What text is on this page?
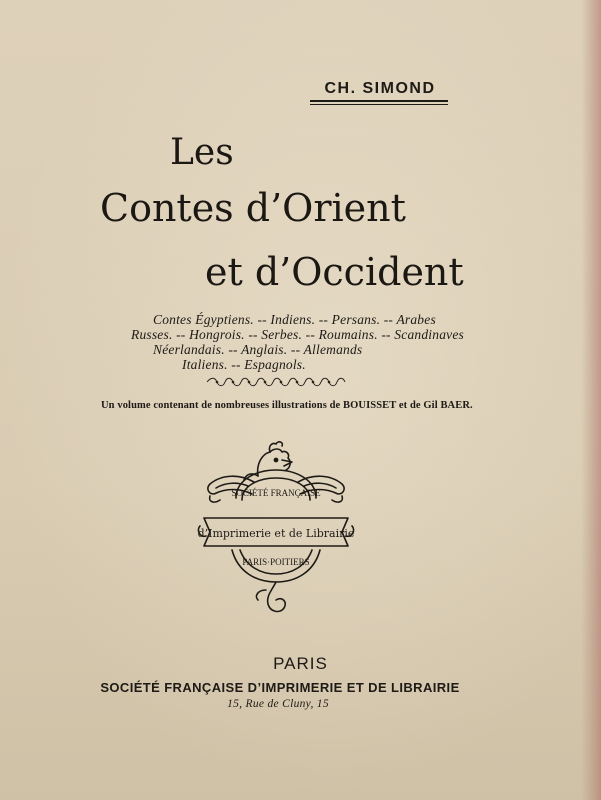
CH. SIMOND

Les

Contes d’Orient

et d’Occident

Contes Égyptiens. -- Indiens. -- Persans. -- Arabes

Russes. -- Hongrois. -- Serbes. -- Roumains. -- Scandinaves

Néerlandais. -- Anglais. -- Allemands

Italiens. -- Espagnols.

Un volume contenant de nombreuses illustrations de BOUISSET et de Gil BAER.

SOCIÉTÉ FRANÇAISE
d’Imprimerie et de Librairie
PARIS·POITIERS

PARIS

SOCIÉTÉ FRANÇAISE D’IMPRIMERIE ET DE LIBRAIRIE

15, Rue de Cluny, 15
